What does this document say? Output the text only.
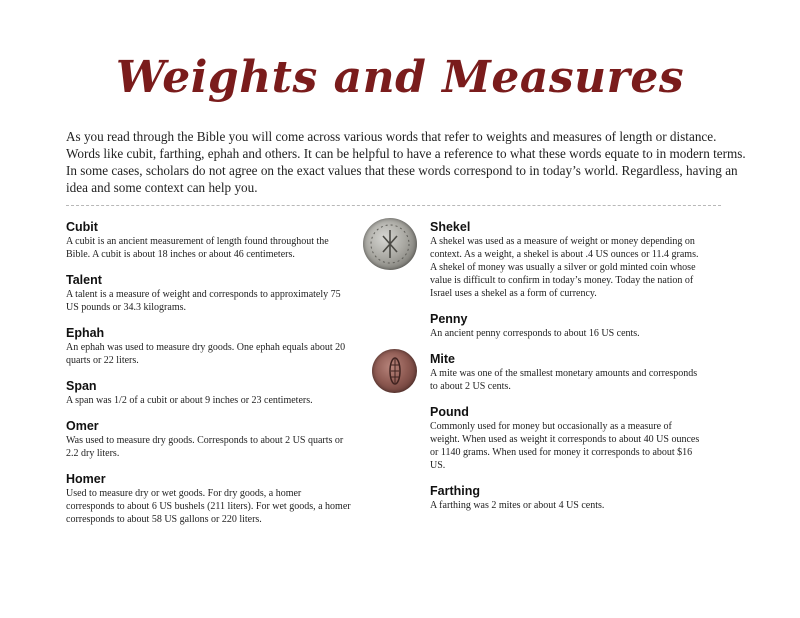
Weights and Measures
As you read through the Bible you will come across various words that refer to weights and measures of length or distance. Words like cubit, farthing, ephah and others. It can be helpful to have a reference to what these words equate to in modern terms. In some cases, scholars do not agree on the exact values that these words correspond to in today’s world. Regardless, having an idea and some context can help you.
Cubit
A cubit is an ancient measurement of length found throughout the Bible. A cubit is about 18 inches or about 46 centimeters.
Talent
A talent is a measure of weight and corresponds to approximately 75 US pounds or 34.3 kilograms.
Ephah
An ephah was used to measure dry goods. One ephah equals about 20 quarts or 22 liters.
Span
A span was 1/2 of a cubit or about 9 inches or 23 centimeters.
Omer
Was used to measure dry goods. Corresponds to about 2 US quarts or 2.2 dry liters.
Homer
Used to measure dry or wet goods. For dry goods, a homer corresponds to about 6 US bushels (211 liters). For wet goods, a homer corresponds to about 58 US gallons or 220 liters.
Shekel
A shekel was used as a measure of weight or money depending on context. As a weight, a shekel is about .4 US ounces or 11.4 grams. A shekel of money was usually a silver or gold minted coin whose value is difficult to confirm in today’s money. Today the nation of Israel uses a shekel as a form of currency.
Penny
An ancient penny corresponds to about 16 US cents.
Mite
A mite was one of the smallest monetary amounts and corresponds to about 2 US cents.
Pound
Commonly used for money but occasionally as a measure of weight. When used as weight it corresponds to about 40 US ounces or 1140 grams. When used for money it corresponds to about $16 US.
Farthing
A farthing was 2 mites or about 4 US cents.
